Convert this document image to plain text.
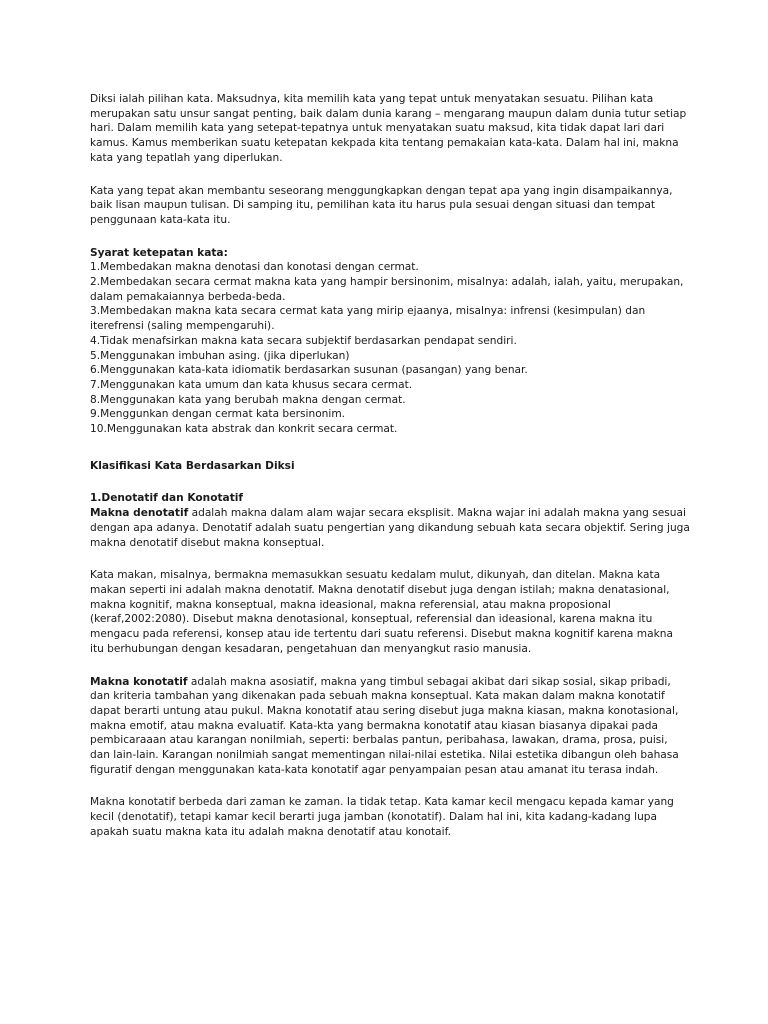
Diksi ialah pilihan kata. Maksudnya, kita memilih kata yang tepat untuk menyatakan sesuatu. Pilihan kata merupakan satu unsur sangat penting, baik dalam dunia karang – mengarang maupun dalam dunia tutur setiap hari. Dalam memilih kata yang setepat-tepatnya untuk menyatakan suatu maksud, kita tidak dapat lari dari kamus. Kamus memberikan suatu ketepatan kekpada kita tentang pemakaian kata-kata. Dalam hal ini, makna kata yang tepatlah yang diperlukan.

Kata yang tepat akan membantu seseorang menggungkapkan dengan tepat apa yang ingin disampaikannya, baik lisan maupun tulisan. Di samping itu, pemilihan kata itu harus pula sesuai dengan situasi dan tempat penggunaan kata-kata itu.

Syarat ketepatan kata:

1.Membedakan makna denotasi dan konotasi dengan cermat.

2.Membedakan secara cermat makna kata yang hampir bersinonim, misalnya: adalah, ialah, yaitu, merupakan, dalam pemakaiannya berbeda-beda.

3.Membedakan makna kata secara cermat kata yang mirip ejaanya, misalnya: infrensi (kesimpulan) dan iterefrensi (saling mempengaruhi).

4.Tidak menafsirkan makna kata secara subjektif berdasarkan pendapat sendiri.

5.Menggunakan imbuhan asing. (jika diperlukan)

6.Menggunakan kata-kata idiomatik berdasarkan susunan (pasangan) yang benar.

7.Menggunakan kata umum dan kata khusus secara cermat.

8.Menggunakan kata yang berubah makna dengan cermat.

9.Menggunkan dengan cermat kata bersinonim.

10.Menggunakan kata abstrak dan konkrit secara cermat.

Klasifikasi Kata Berdasarkan Diksi

1.Denotatif dan Konotatif

Makna denotatif adalah makna dalam alam wajar secara eksplisit. Makna wajar ini adalah makna yang sesuai dengan apa adanya. Denotatif adalah suatu pengertian yang dikandung sebuah kata secara objektif. Sering juga makna denotatif disebut makna konseptual.

Kata makan, misalnya, bermakna memasukkan sesuatu kedalam mulut, dikunyah, dan ditelan. Makna kata makan seperti ini adalah makna denotatif. Makna denotatif disebut juga dengan istilah; makna denatasional, makna kognitif, makna konseptual, makna ideasional, makna referensial, atau makna proposional (keraf,2002:2080). Disebut makna denotasional, konseptual, referensial dan ideasional, karena makna itu mengacu pada referensi, konsep atau ide tertentu dari suatu referensi. Disebut makna kognitif karena makna itu berhubungan dengan kesadaran, pengetahuan dan menyangkut rasio manusia.

Makna konotatif adalah makna asosiatif, makna yang timbul sebagai akibat dari sikap sosial, sikap pribadi, dan kriteria tambahan yang dikenakan pada sebuah makna konseptual. Kata makan dalam makna konotatif dapat berarti untung atau pukul. Makna konotatif atau sering disebut juga makna kiasan, makna konotasional, makna emotif, atau makna evaluatif. Kata-kta yang bermakna konotatif atau kiasan biasanya dipakai pada pembicaraaan atau karangan nonilmiah, seperti: berbalas pantun, peribahasa, lawakan, drama, prosa, puisi, dan lain-lain. Karangan nonilmiah sangat mementingan nilai-nilai estetika. Nilai estetika dibangun oleh bahasa figuratif dengan menggunakan kata-kata konotatif agar penyampaian pesan atau amanat itu terasa indah.

Makna konotatif berbeda dari zaman ke zaman. Ia tidak tetap. Kata kamar kecil mengacu kepada kamar yang kecil (denotatif), tetapi kamar kecil berarti juga jamban (konotatif). Dalam hal ini, kita kadang-kadang lupa apakah suatu makna kata itu adalah makna denotatif atau konotaif.
